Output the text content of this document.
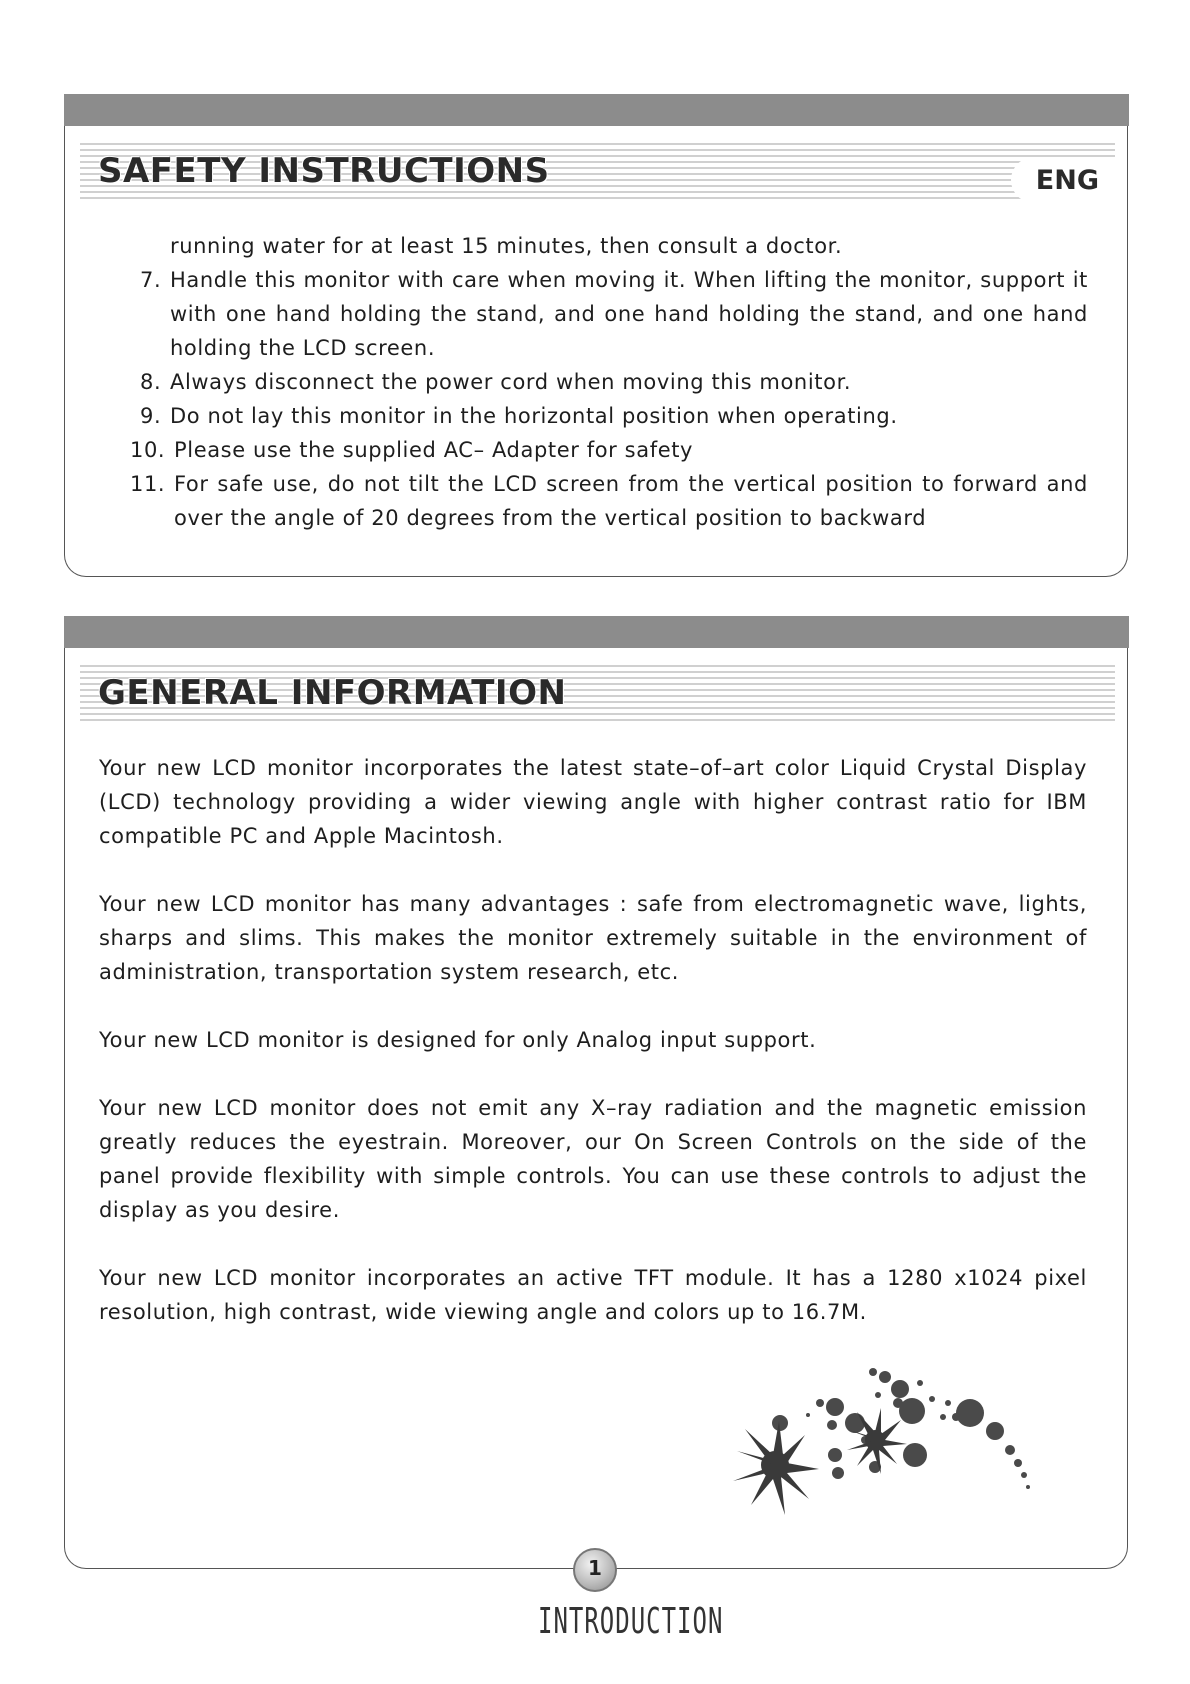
SAFETY INSTRUCTIONS	ENG
running water for at least 15 minutes, then consult a doctor.
7. Handle this monitor with care when moving it. When lifting the monitor, support it with one hand holding the stand, and one hand holding the stand, and one hand holding the LCD screen.
8. Always disconnect the power cord when moving this monitor.
9. Do not lay this monitor in the horizontal position when operating.
10. Please use the supplied AC– Adapter for safety
11. For safe use, do not tilt the LCD screen from the vertical position to forward and over the angle of 20 degrees from the vertical position to backward
GENERAL INFORMATION

Your new LCD monitor incorporates the latest state–of–art color Liquid Crystal Display (LCD) technology providing a wider viewing angle with higher contrast ratio for IBM compatible PC and Apple Macintosh.

Your new LCD monitor has many advantages : safe from electromagnetic wave, lights, sharps and slims. This makes the monitor extremely suitable in the environment of administration, transportation system research, etc.

Your new LCD monitor is designed for only Analog input support.

Your new LCD monitor does not emit any X–ray radiation and the magnetic emission greatly reduces the eyestrain. Moreover, our On Screen Controls on the side of the panel provide flexibility with simple controls. You can use these controls to adjust the display as you desire.

Your new LCD monitor incorporates an active TFT module. It has a 1280 x1024 pixel resolution, high contrast, wide viewing angle and colors up to 16.7M.

1
INTRODUCTION
